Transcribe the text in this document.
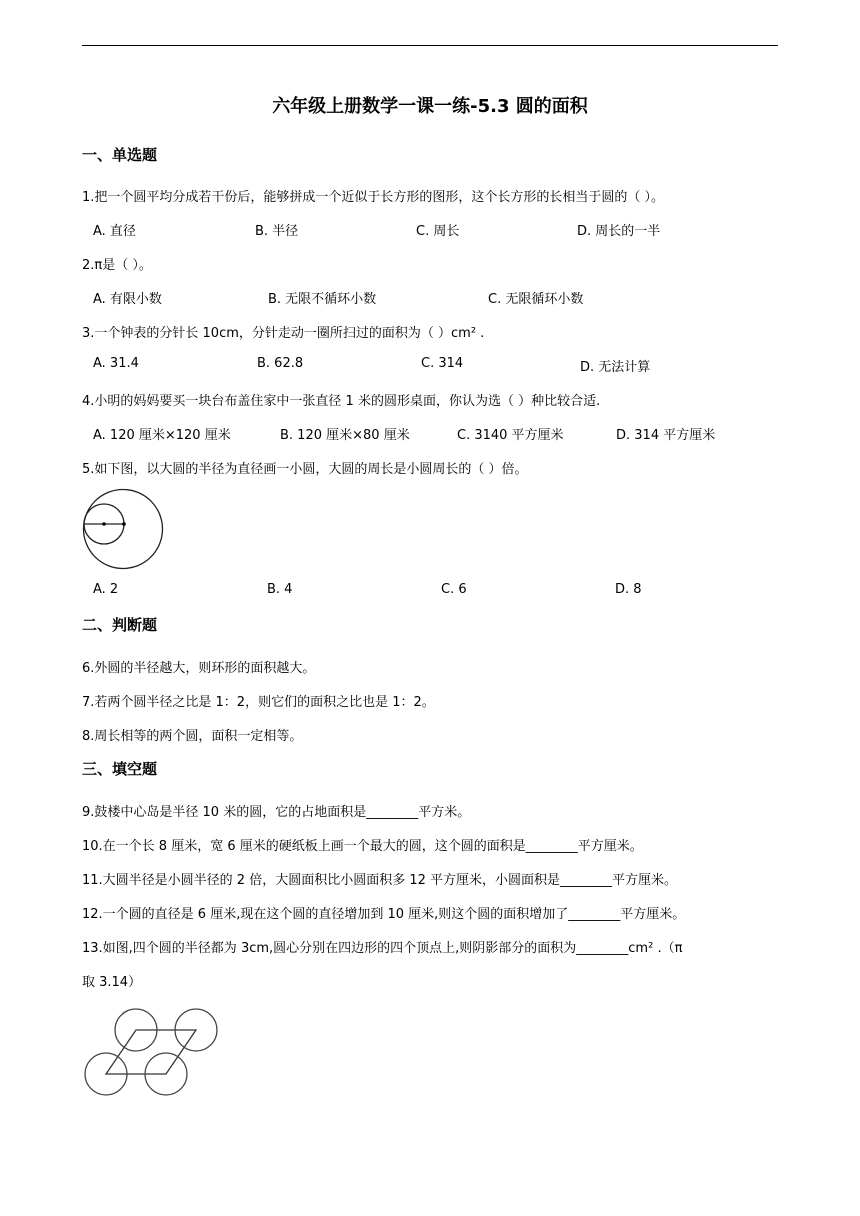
六年级上册数学一课一练-5.3 圆的面积
一、单选题
1.把一个圆平均分成若干份后，能够拼成一个近似于长方形的图形，这个长方形的长相当于圆的（ ）。
A. 直径	B. 半径	C. 周长	D. 周长的一半
2.π是（ ）。
A. 有限小数	B. 无限不循环小数	C. 无限循环小数
3.一个钟表的分针长 10cm，分针走动一圈所扫过的面积为（ ）cm² .
A. 31.4	B. 62.8	C. 314	D. 无法计算
4.小明的妈妈要买一块台布盖住家中一张直径 1 米的圆形桌面，你认为选（ ）种比较合适.
A. 120 厘米×120 厘米	B. 120 厘米×80 厘米	C. 3140 平方厘米	D. 314 平方厘米
5.如下图，以大圆的半径为直径画一小圆，大圆的周长是小圆周长的（ ）倍。
A. 2	B. 4	C. 6	D. 8
二、判断题
6.外圆的半径越大，则环形的面积越大。
7.若两个圆半径之比是 1：2，则它们的面积之比也是 1：2。
8.周长相等的两个圆，面积一定相等。
三、填空题
9.鼓楼中心岛是半径 10 米的圆，它的占地面积是________平方米。
10.在一个长 8 厘米，宽 6 厘米的硬纸板上画一个最大的圆，这个圆的面积是________平方厘米。
11.大圆半径是小圆半径的 2 倍，大圆面积比小圆面积多 12 平方厘米，小圆面积是________平方厘米。
12.一个圆的直径是 6 厘米,现在这个圆的直径增加到 10 厘米,则这个圆的面积增加了________平方厘米。
13.如图,四个圆的半径都为 3cm,圆心分别在四边形的四个顶点上,则阴影部分的面积为________cm² .（π
取 3.14）
